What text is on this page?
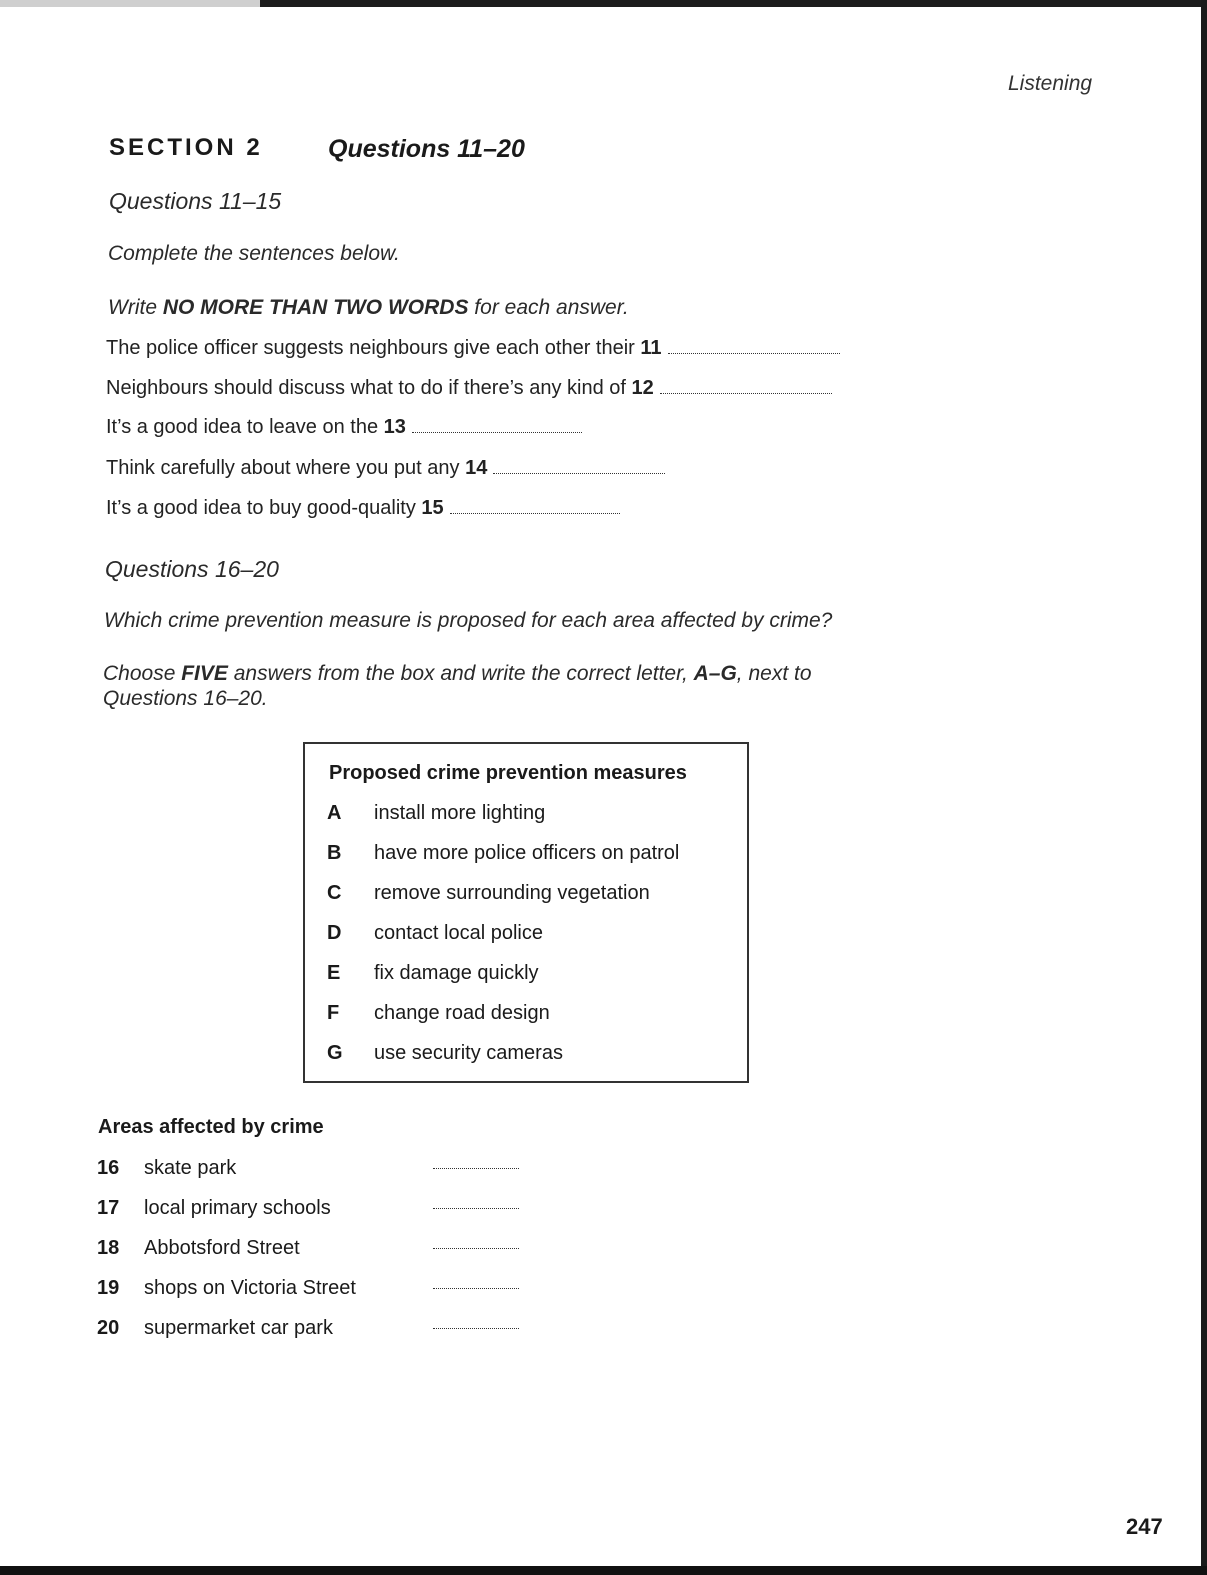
Listening
SECTION 2	Questions 11–20
Questions 11–15
Complete the sentences below.
Write NO MORE THAN TWO WORDS for each answer.
The police officer suggests neighbours give each other their 11
Neighbours should discuss what to do if there’s any kind of 12
It’s a good idea to leave on the 13
Think carefully about where you put any 14
It’s a good idea to buy good-quality 15
Questions 16–20
Which crime prevention measure is proposed for each area affected by crime?
Choose FIVE answers from the box and write the correct letter, A–G, next to
Questions 16–20.
Proposed crime prevention measures
A install more lighting
B have more police officers on patrol
C remove surrounding vegetation
D contact local police
E fix damage quickly
F change road design
G use security cameras
Areas affected by crime
16 skate park
17 local primary schools
18 Abbotsford Street
19 shops on Victoria Street
20 supermarket car park
247
